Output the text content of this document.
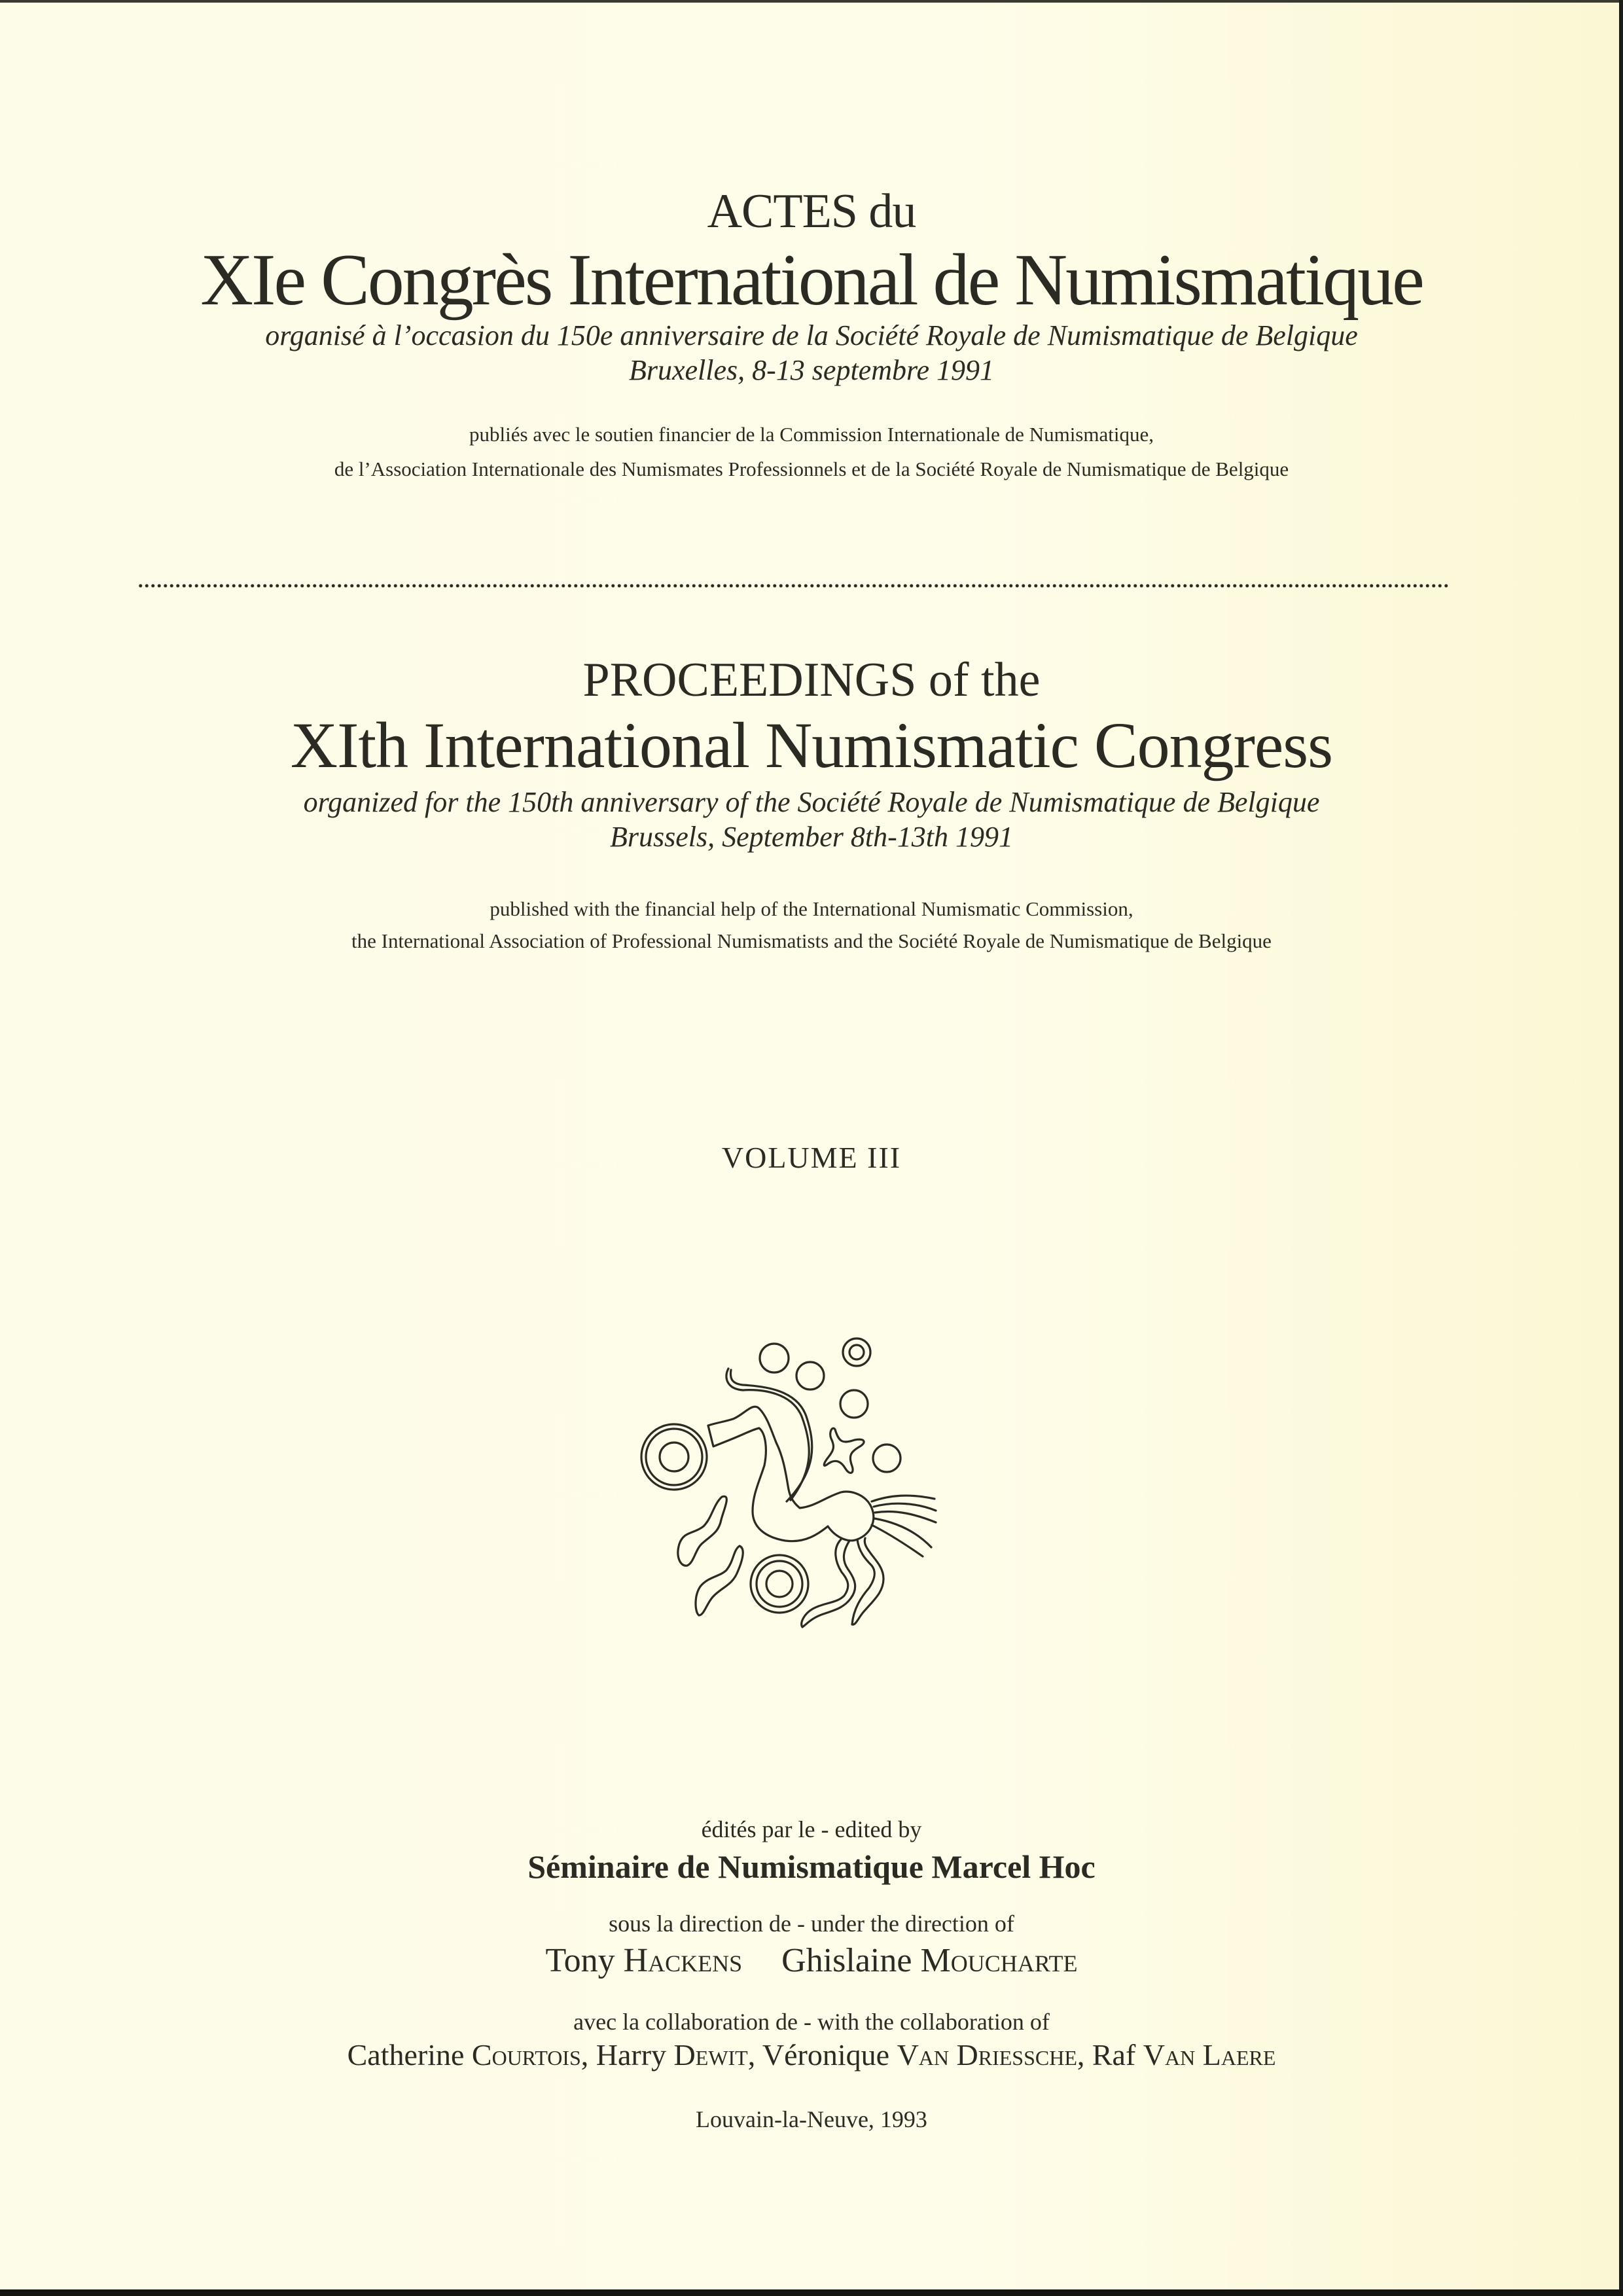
ACTES du
XIe Congrès International de Numismatique
organisé à l’occasion du 150e anniversaire de la Société Royale de Numismatique de Belgique
Bruxelles, 8-13 septembre 1991
publiés avec le soutien financier de la Commission Internationale de Numismatique,
de l’Association Internationale des Numismates Professionnels et de la Société Royale de Numismatique de Belgique
PROCEEDINGS of the
XIth International Numismatic Congress
organized for the 150th anniversary of the Société Royale de Numismatique de Belgique
Brussels, September 8th-13th 1991
published with the financial help of the International Numismatic Commission,
the International Association of Professional Numismatists and the Société Royale de Numismatique de Belgique
VOLUME III
édités par le - edited by
Séminaire de Numismatique Marcel Hoc
sous la direction de - under the direction of
Tony Hackens Ghislaine Moucharte
avec la collaboration de - with the collaboration of
Catherine Courtois, Harry Dewit, Véronique Van Driessche, Raf Van Laere
Louvain-la-Neuve, 1993
